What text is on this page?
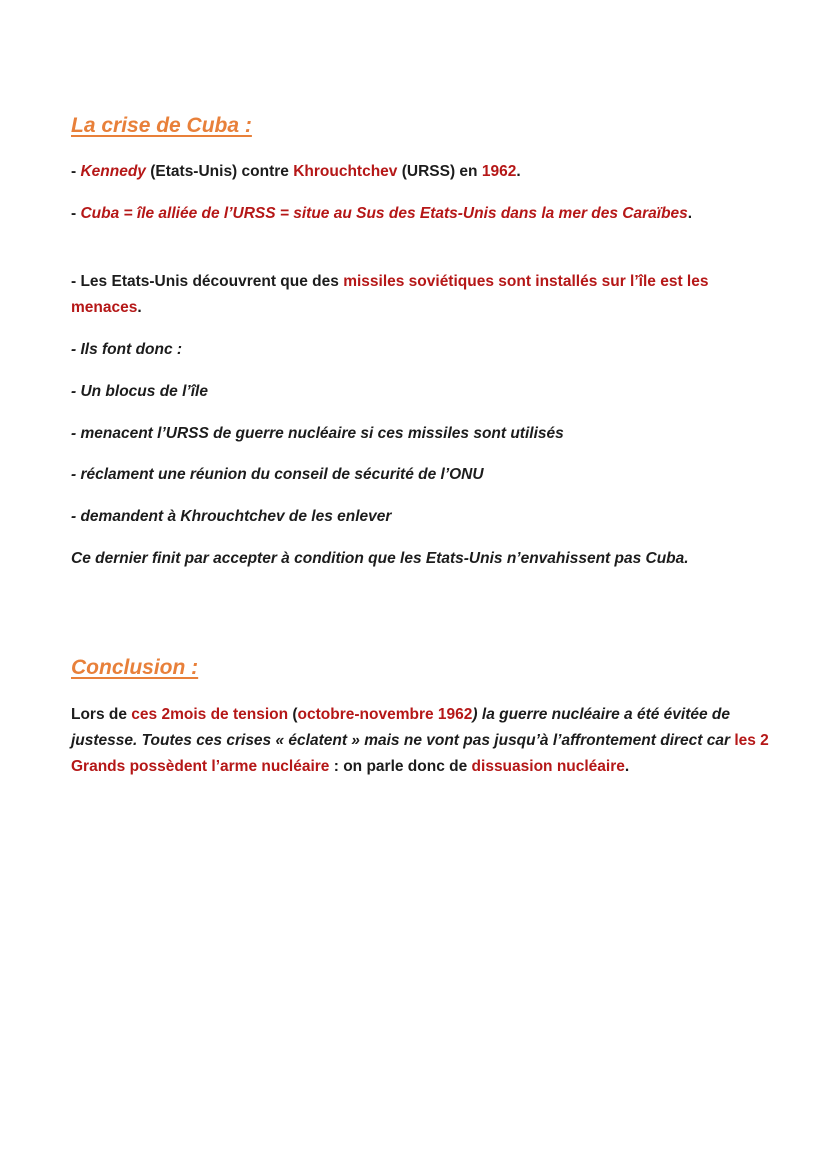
La crise de Cuba :

- Kennedy (Etats-Unis) contre Khrouchtchev (URSS) en 1962.

- Cuba = île alliée de l’URSS = situe au Sus des Etats-Unis dans la mer des Caraïbes.

- Les Etats-Unis découvrent que des missiles soviétiques sont installés sur l’île est les menaces.

- Ils font donc :

- Un blocus de l’île

- menacent l’URSS de guerre nucléaire si ces missiles sont utilisés

- réclament une réunion du conseil de sécurité de l’ONU

- demandent à Khrouchtchev de les enlever

Ce dernier finit par accepter à condition que les Etats-Unis n’envahissent pas Cuba.

Conclusion :

Lors de ces 2mois de tension (octobre-novembre 1962) la guerre nucléaire a été évitée de justesse. Toutes ces crises « éclatent » mais ne vont pas jusqu’à l’affrontement direct car les 2 Grands possèdent l’arme nucléaire : on parle donc de dissuasion nucléaire.
